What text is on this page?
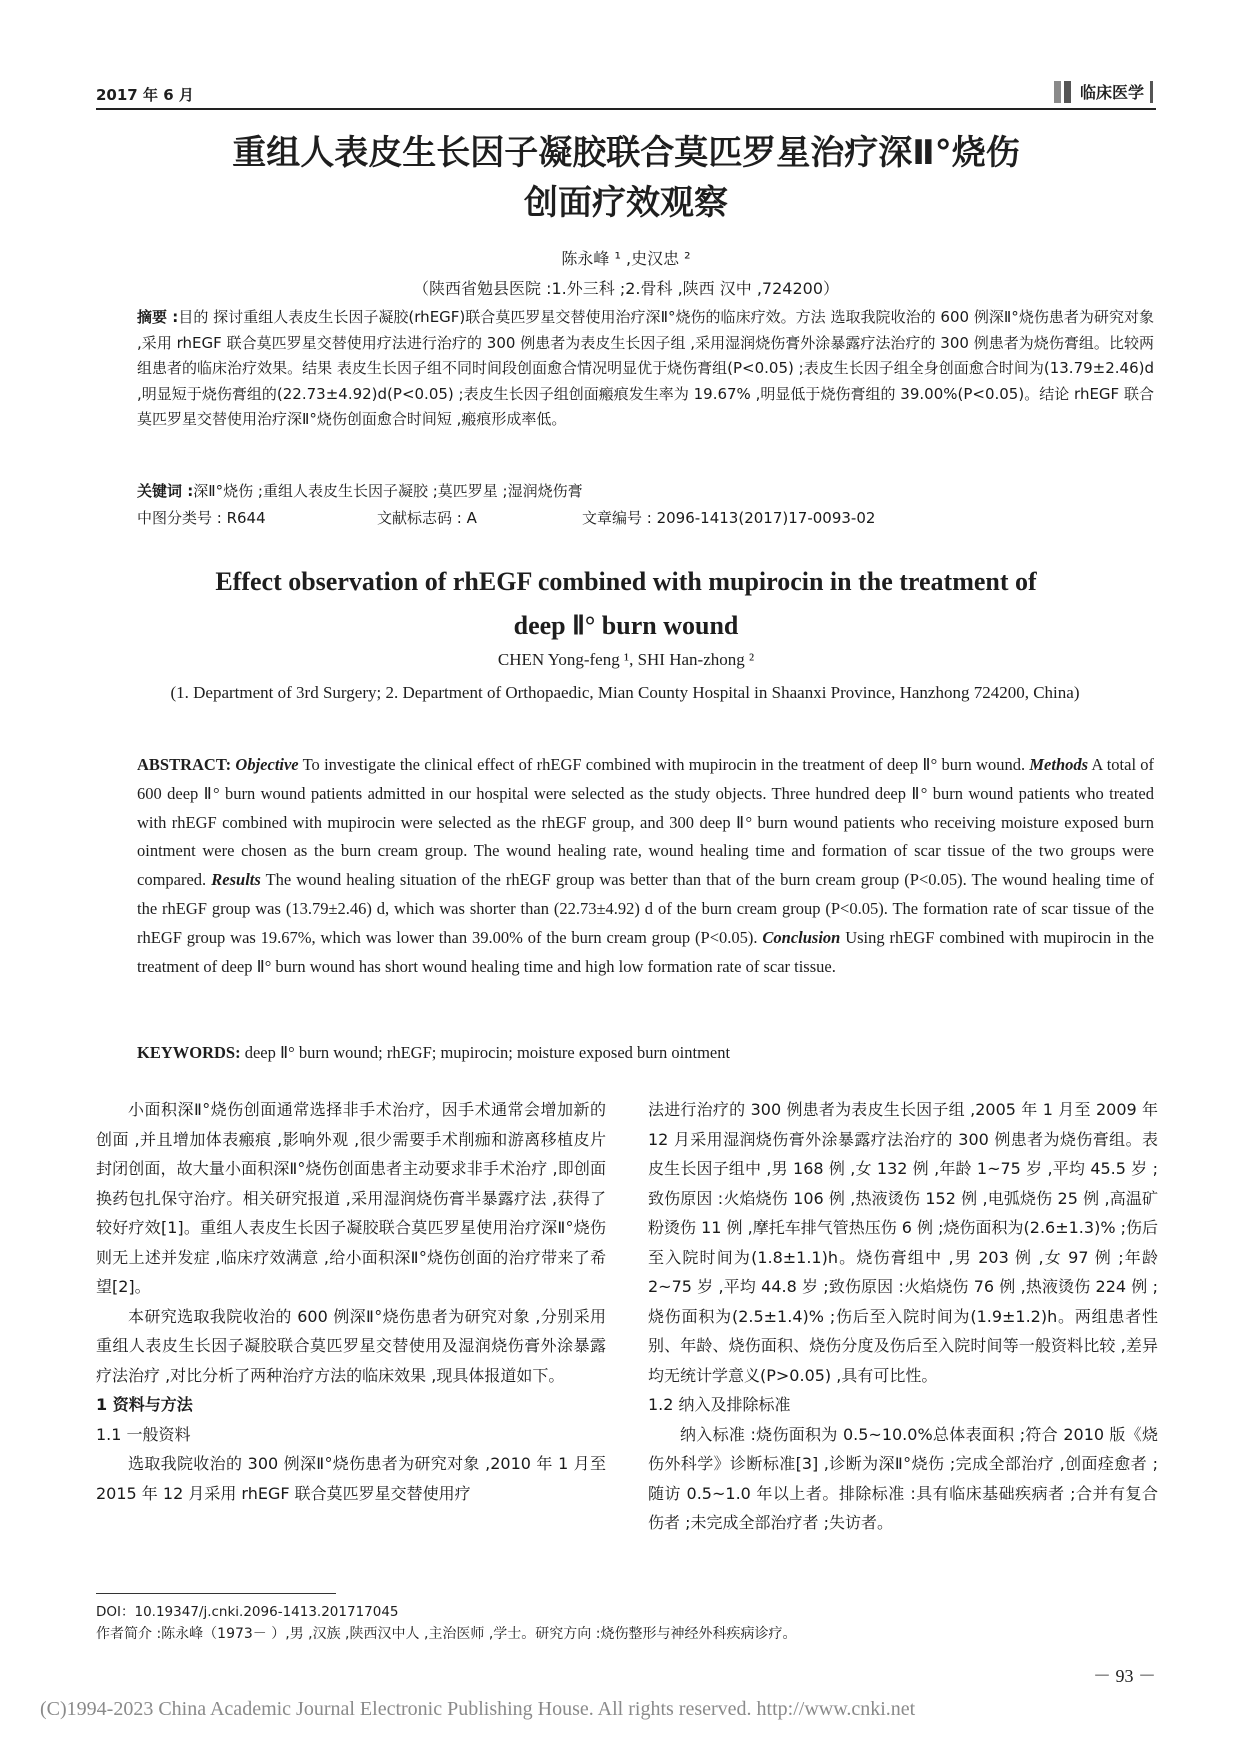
2017 年 6 月	临床医学
重组人表皮生长因子凝胶联合莫匹罗星治疗深Ⅱ°烧伤
创面疗效观察
陈永峰 ¹ ,史汉忠 ²
（陕西省勉县医院 :1.外三科 ;2.骨科 ,陕西 汉中 ,724200）
摘要 :目的 探讨重组人表皮生长因子凝胶(rhEGF)联合莫匹罗星交替使用治疗深Ⅱ°烧伤的临床疗效。方法 选取我院收治的 600 例深Ⅱ°烧伤患者为研究对象 ,采用 rhEGF 联合莫匹罗星交替使用疗法进行治疗的 300 例患者为表皮生长因子组 ,采用湿润烧伤膏外涂暴露疗法治疗的 300 例患者为烧伤膏组。比较两组患者的临床治疗效果。结果 表皮生长因子组不同时间段创面愈合情况明显优于烧伤膏组(P<0.05) ;表皮生长因子组全身创面愈合时间为(13.79±2.46)d ,明显短于烧伤膏组的(22.73±4.92)d(P<0.05) ;表皮生长因子组创面瘢痕发生率为 19.67% ,明显低于烧伤膏组的 39.00%(P<0.05)。结论 rhEGF 联合莫匹罗星交替使用治疗深Ⅱ°烧伤创面愈合时间短 ,瘢痕形成率低。
关键词 :深Ⅱ°烧伤 ;重组人表皮生长因子凝胶 ;莫匹罗星 ;湿润烧伤膏
中图分类号 : R644	文献标志码 : A	文章编号 : 2096-1413(2017)17-0093-02
Effect observation of rhEGF combined with mupirocin in the treatment of
deep Ⅱ° burn wound
CHEN Yong-feng ¹, SHI Han-zhong ²
(1. Department of 3rd Surgery; 2. Department of Orthopaedic, Mian County Hospital in Shaanxi Province, Hanzhong 724200, China)
ABSTRACT: Objective To investigate the clinical effect of rhEGF combined with mupirocin in the treatment of deep Ⅱ° burn wound. Methods A total of 600 deep Ⅱ° burn wound patients admitted in our hospital were selected as the study objects. Three hundred deep Ⅱ° burn wound patients who treated with rhEGF combined with mupirocin were selected as the rhEGF group, and 300 deep Ⅱ° burn wound patients who receiving moisture exposed burn ointment were chosen as the burn cream group. The wound healing rate, wound healing time and formation of scar tissue of the two groups were compared. Results The wound healing situation of the rhEGF group was better than that of the burn cream group (P<0.05). The wound healing time of the rhEGF group was (13.79±2.46) d, which was shorter than (22.73±4.92) d of the burn cream group (P<0.05). The formation rate of scar tissue of the rhEGF group was 19.67%, which was lower than 39.00% of the burn cream group (P<0.05). Conclusion Using rhEGF combined with mupirocin in the treatment of deep Ⅱ° burn wound has short wound healing time and high low formation rate of scar tissue.
KEYWORDS: deep Ⅱ° burn wound; rhEGF; mupirocin; moisture exposed burn ointment

小面积深Ⅱ°烧伤创面通常选择非手术治疗，因手术通常会增加新的创面 ,并且增加体表瘢痕 ,影响外观 ,很少需要手术削痂和游离移植皮片封闭创面，故大量小面积深Ⅱ°烧伤创面患者主动要求非手术治疗 ,即创面换药包扎保守治疗。相关研究报道 ,采用湿润烧伤膏半暴露疗法 ,获得了较好疗效[1]。重组人表皮生长因子凝胶联合莫匹罗星使用治疗深Ⅱ°烧伤则无上述并发症 ,临床疗效满意 ,给小面积深Ⅱ°烧伤创面的治疗带来了希望[2]。

本研究选取我院收治的 600 例深Ⅱ°烧伤患者为研究对象 ,分别采用重组人表皮生长因子凝胶联合莫匹罗星交替使用及湿润烧伤膏外涂暴露疗法治疗 ,对比分析了两种治疗方法的临床效果 ,现具体报道如下。

1 资料与方法

1.1 一般资料

选取我院收治的 300 例深Ⅱ°烧伤患者为研究对象 ,2010 年 1 月至 2015 年 12 月采用 rhEGF 联合莫匹罗星交替使用疗

法进行治疗的 300 例患者为表皮生长因子组 ,2005 年 1 月至 2009 年 12 月采用湿润烧伤膏外涂暴露疗法治疗的 300 例患者为烧伤膏组。表皮生长因子组中 ,男 168 例 ,女 132 例 ,年龄 1~75 岁 ,平均 45.5 岁 ;致伤原因 :火焰烧伤 106 例 ,热液烫伤 152 例 ,电弧烧伤 25 例 ,高温矿粉烫伤 11 例 ,摩托车排气管热压伤 6 例 ;烧伤面积为(2.6±1.3)% ;伤后至入院时间为(1.8±1.1)h。烧伤膏组中 ,男 203 例 ,女 97 例 ;年龄 2~75 岁 ,平均 44.8 岁 ;致伤原因 :火焰烧伤 76 例 ,热液烫伤 224 例 ;烧伤面积为(2.5±1.4)% ;伤后至入院时间为(1.9±1.2)h。两组患者性别、年龄、烧伤面积、烧伤分度及伤后至入院时间等一般资料比较 ,差异均无统计学意义(P>0.05) ,具有可比性。

1.2 纳入及排除标准

纳入标准 :烧伤面积为 0.5~10.0%总体表面积 ;符合 2010 版《烧伤外科学》诊断标准[3] ,诊断为深Ⅱ°烧伤 ;完成全部治疗 ,创面痊愈者 ;随访 0.5~1.0 年以上者。排除标准 :具有临床基础疾病者 ;合并有复合伤者 ;未完成全部治疗者 ;失访者。

DOI：10.19347/j.cnki.2096-1413.201717045
作者简介 :陈永峰（1973－ ）,男 ,汉族 ,陕西汉中人 ,主治医师 ,学士。研究方向 :烧伤整形与神经外科疾病诊疗。
－ 93 －
(C)1994-2023 China Academic Journal Electronic Publishing House. All rights reserved. http://www.cnki.net
